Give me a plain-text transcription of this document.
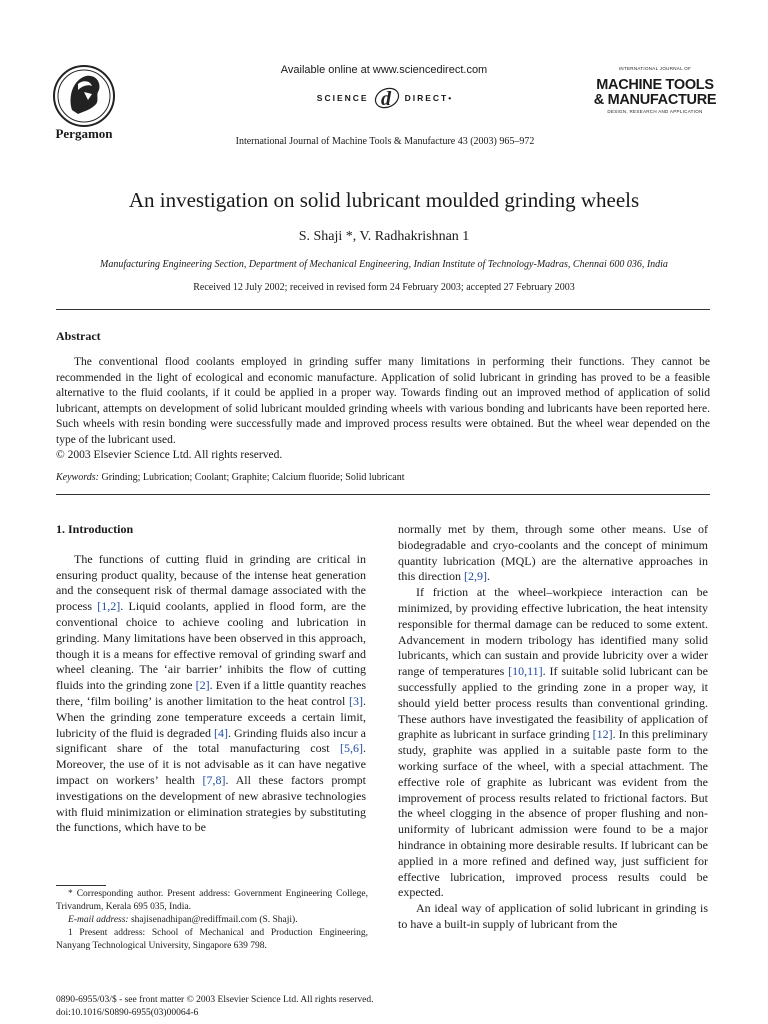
Pergamon
Available online at www.sciencedirect.com
SCIENCE d DIRECT •
International Journal of Machine Tools & Manufacture 43 (2003) 965–972
INTERNATIONAL JOURNAL OF
MACHINE TOOLS
& MANUFACTURE
DESIGN, RESEARCH AND APPLICATION
An investigation on solid lubricant moulded grinding wheels
S. Shaji *, V. Radhakrishnan 1
Manufacturing Engineering Section, Department of Mechanical Engineering, Indian Institute of Technology-Madras, Chennai 600 036, India
Received 12 July 2002; received in revised form 24 February 2003; accepted 27 February 2003
Abstract

The conventional flood coolants employed in grinding suffer many limitations in performing their functions. They cannot be recommended in the light of ecological and economic manufacture. Application of solid lubricant in grinding has proved to be a feasible alternative to the fluid coolants, if it could be applied in a proper way. Towards finding out an improved method of application of solid lubricant, attempts on development of solid lubricant moulded grinding wheels with various bonding and lubricants have been reported here. Such wheels with resin bonding were successfully made and improved process results were obtained. But the wheel wear depended on the type of the lubricant used.

© 2003 Elsevier Science Ltd. All rights reserved.

Keywords: Grinding; Lubrication; Coolant; Graphite; Calcium fluoride; Solid lubricant
1. Introduction

The functions of cutting fluid in grinding are critical in ensuring product quality, because of the intense heat generation and the consequent risk of thermal damage associated with the process [1,2]. Liquid coolants, applied in flood form, are the conventional choice to achieve cooling and lubrication in grinding. Many limitations have been observed in this approach, though it is a means for effective removal of grinding swarf and wheel cleaning. The ‘air barrier’ inhibits the flow of cutting fluids into the grinding zone [2]. Even if a little quantity reaches there, ‘film boiling’ is another limitation to the heat control [3]. When the grinding zone temperature exceeds a certain limit, lubricity of the fluid is degraded [4]. Grinding fluids also incur a significant share of the total manufacturing cost [5,6]. Moreover, the use of it is not advisable as it can have negative impact on workers’ health [7,8]. All these factors prompt investigations on the development of new abrasive technologies with fluid minimization or elimination strategies by substituting the functions, which have to be

* Corresponding author. Present address: Government Engineering College, Trivandrum, Kerala 695 035, India.

E-mail address: shajisenadhipan@rediffmail.com (S. Shaji).

1 Present address: School of Mechanical and Production Engineering, Nanyang Technological University, Singapore 639 798.

normally met by them, through some other means. Use of biodegradable and cryo-coolants and the concept of minimum quantity lubrication (MQL) are the alternative approaches in this direction [2,9].

If friction at the wheel–workpiece interaction can be minimized, by providing effective lubrication, the heat intensity responsible for thermal damage can be reduced to some extent. Advancement in modern tribology has identified many solid lubricants, which can sustain and provide lubricity over a wider range of temperatures [10,11]. If suitable solid lubricant can be successfully applied to the grinding zone in a proper way, it should yield better process results than conventional grinding. These authors have investigated the feasibility of application of graphite as lubricant in surface grinding [12]. In this preliminary study, graphite was applied in a suitable paste form to the working surface of the wheel, with a special attachment. The effective role of graphite as lubricant was evident from the improvement of process results related to frictional factors. But the wheel clogging in the absence of proper flushing and non-uniformity of lubricant admission were found to be a major hindrance in obtaining more desirable results. If lubricant can be applied in a more refined and defined way, just sufficient for effective lubrication, improved process results could be expected.

An ideal way of application of solid lubricant in grinding is to have a built-in supply of lubricant from the

0890-6955/03/$ - see front matter © 2003 Elsevier Science Ltd. All rights reserved.
doi:10.1016/S0890-6955(03)00064-6
